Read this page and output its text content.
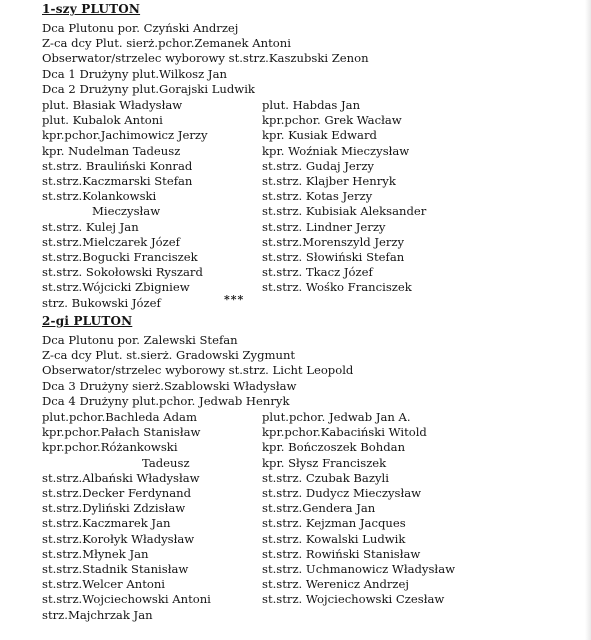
1-szy PLUTON
Dca Plutonu por. Czyński Andrzej
Z-ca dcy Plut. sierż.pchor.Zemanek Antoni
Obserwator/strzelec wyborowy st.strz.Kaszubski Zenon
Dca 1 Drużyny plut.Wilkosz Jan
Dca 2 Drużyny plut.Gorajski Ludwik
plut. Błasiak Władysław
plut. Kubalok Antoni
kpr.pchor.Jachimowicz Jerzy
kpr. Nudelman Tadeusz
st.strz. Brauliński Konrad
st.strz.Kaczmarski Stefan
st.strz.Kolankowski
Mieczysław
st.strz. Kulej Jan
st.strz.Mielczarek Józef
st.strz.Bogucki Franciszek
st.strz. Sokołowski Ryszard
st.strz.Wójcicki Zbigniew
strz. Bukowski Józef
plut. Habdas Jan
kpr.pchor. Grek Wacław
kpr. Kusiak Edward
kpr. Woźniak Mieczysław
st.strz. Gudaj Jerzy
st.strz. Klajber Henryk
st.strz. Kotas Jerzy
st.strz. Kubisiak Aleksander
st.strz. Lindner Jerzy
st.strz.Morenszyld Jerzy
st.strz. Słowiński Stefan
st.strz. Tkacz Józef
st.strz. Wośko Franciszek
***
2-gi PLUTON
Dca Plutonu por. Zalewski Stefan
Z-ca dcy Plut. st.sierż. Gradowski Zygmunt
Obserwator/strzelec wyborowy st.strz. Licht Leopold
Dca 3 Drużyny sierż.Szablowski Władysław
Dca 4 Drużyny plut.pchor. Jedwab Henryk
plut.pchor.Bachleda Adam
kpr.pchor.Pałach Stanisław
kpr.pchor.Różankowski
Tadeusz
st.strz.Albański Władysław
st.strz.Decker Ferdynand
st.strz.Dyliński Zdzisław
st.strz.Kaczmarek Jan
st.strz.Korołyk Władysław
st.strz.Młynek Jan
st.strz.Stadnik Stanisław
st.strz.Welcer Antoni
st.strz.Wojciechowski Antoni
strz.Majchrzak Jan
plut.pchor. Jedwab Jan A.
kpr.pchor.Kabaciński Witold
kpr. Bończoszek Bohdan
kpr. Słysz Franciszek
st.strz. Czubak Bazyli
st.strz. Dudycz Mieczysław
st.strz.Gendera Jan
st.strz. Kejzman Jacques
st.strz. Kowalski Ludwik
st.strz. Rowiński Stanisław
st.strz. Uchmanowicz Władysław
st.strz. Werenicz Andrzej
st.strz. Wojciechowski Czesław
